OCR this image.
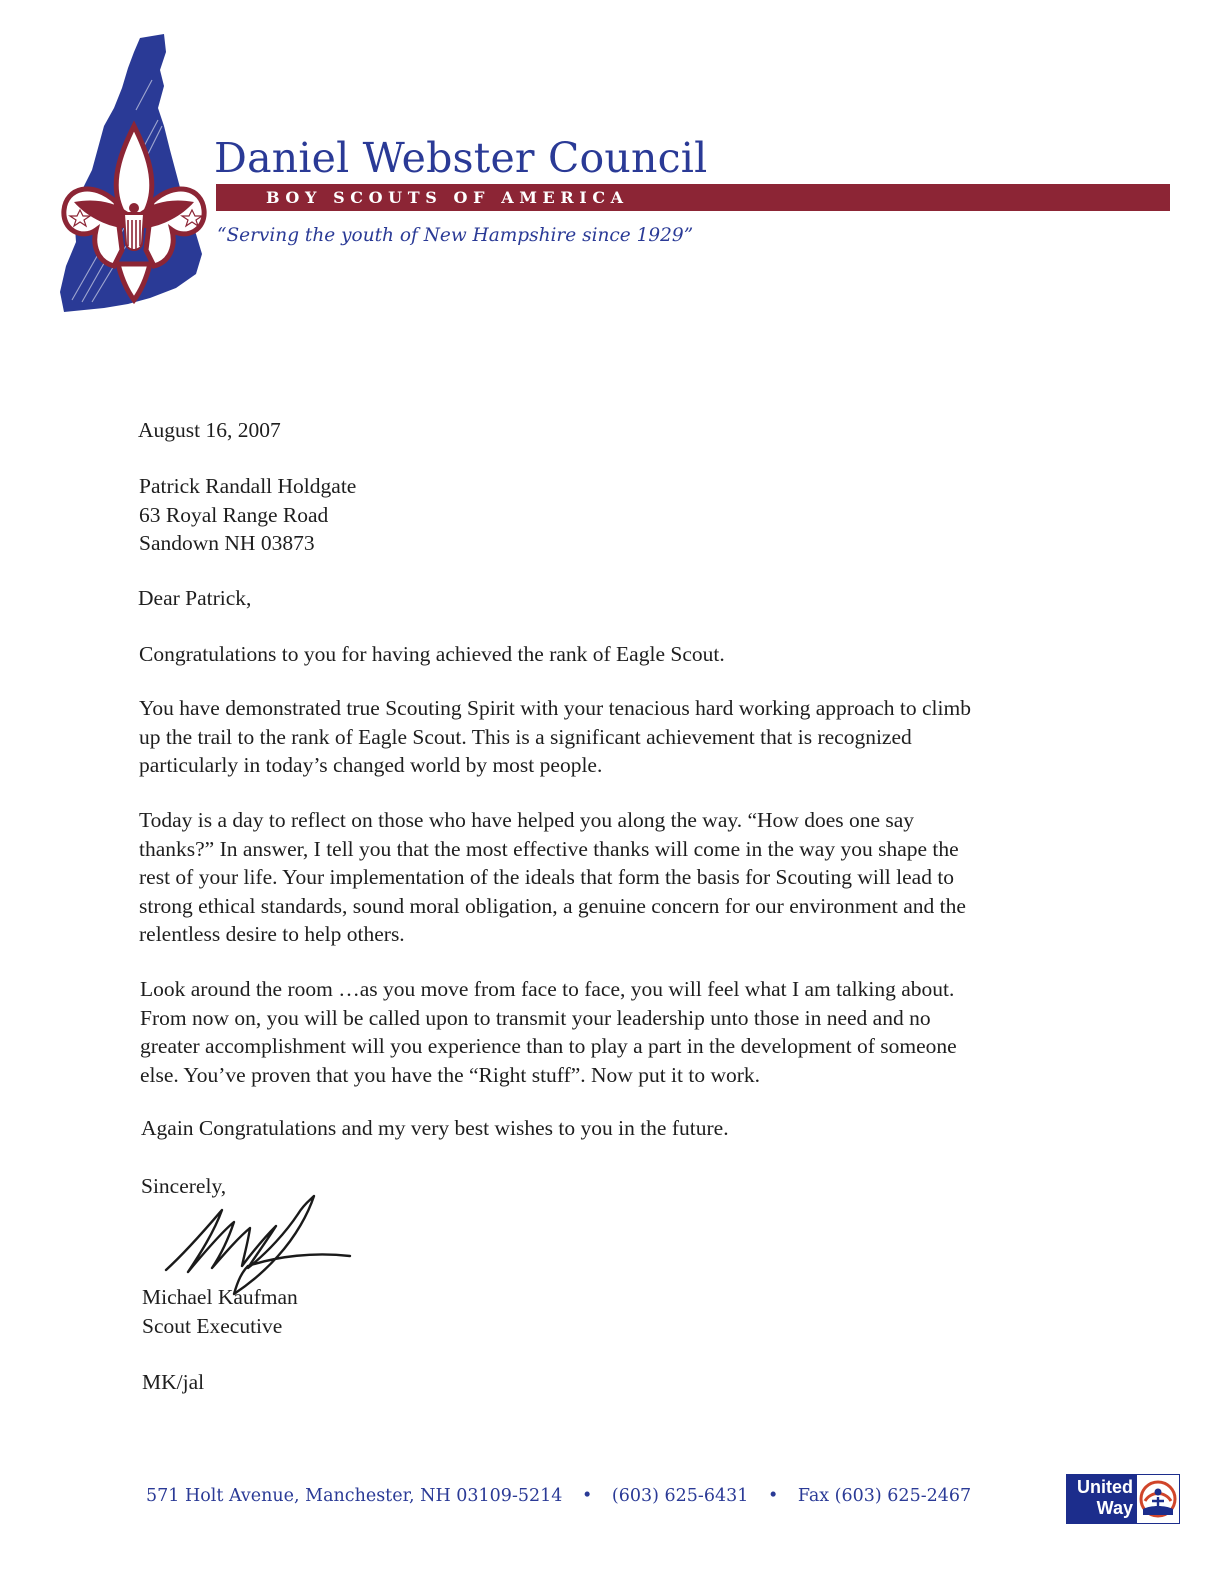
Daniel Webster Council
BOY SCOUTS OF AMERICA
“Serving the youth of New Hampshire since 1929”
August 16, 2007
Patrick Randall Holdgate
63 Royal Range Road
Sandown NH 03873
Dear Patrick,
Congratulations to you for having achieved the rank of Eagle Scout.
You have demonstrated true Scouting Spirit with your tenacious hard working approach to climb
up the trail to the rank of Eagle Scout. This is a significant achievement that is recognized
particularly in today’s changed world by most people.
Today is a day to reflect on those who have helped you along the way. “How does one say
thanks?” In answer, I tell you that the most effective thanks will come in the way you shape the
rest of your life. Your implementation of the ideals that form the basis for Scouting will lead to
strong ethical standards, sound moral obligation, a genuine concern for our environment and the
relentless desire to help others.
Look around the room …as you move from face to face, you will feel what I am talking about.
From now on, you will be called upon to transmit your leadership unto those in need and no
greater accomplishment will you experience than to play a part in the development of someone
else. You’ve proven that you have the “Right stuff”. Now put it to work.
Again Congratulations and my very best wishes to you in the future.
Sincerely,
Michael Kaufman
Scout Executive
MK/jal
571 Holt Avenue, Manchester, NH 03109-5214 • (603) 625-6431 • Fax (603) 625-2467	United
Way
